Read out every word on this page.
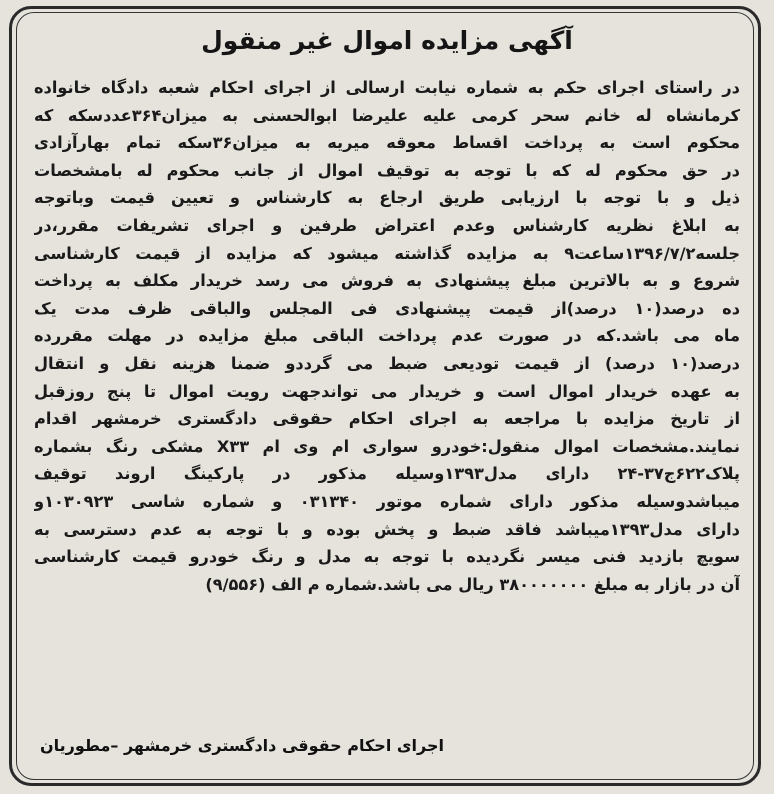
آگهی مزایده اموال غیر منقول
در راستای اجرای حکم به شماره نیابت ارسالی از اجرای احکام شعبه دادگاه خانواده
کرمانشاه له خانم سحر کرمی علیه علیرضا ابوالحسنی به میزان۳۶۴عددسکه که
محکوم است به پرداخت اقساط معوقه میریه به میزان۳۶سکه تمام بهارآزادی
در حق محکوم له که با توجه به توقیف اموال از جانب محکوم له بامشخصات
ذیل و با توجه با ارزیابی طریق ارجاع به کارشناس و تعیین قیمت وباتوجه
به ابلاغ نظریه کارشناس وعدم اعتراض طرفین و اجرای تشریفات مقرر،در
جلسه۱۳۹۶/۷/۲ساعت۹ به مزایده گذاشته میشود که مزایده از قیمت کارشناسی
شروع و به بالاترین مبلغ پیشنهادی به فروش می رسد خریدار مکلف به پرداخت
ده درصد(۱۰ درصد)از قیمت پیشنهادی فی المجلس والباقی ظرف مدت یک
ماه می باشد.که در صورت عدم پرداخت الباقی مبلغ مزایده در مهلت مقررده
درصد(۱۰ درصد) از قیمت تودیعی ضبط می گرددو ضمنا هزینه نقل و انتقال
به عهده خریدار اموال است و خریدار می تواندجهت رویت اموال تا پنج روزقبل
از تاریخ مزایده با مراجعه به اجرای احکام حقوقی دادگستری خرمشهر اقدام
نمایند.مشخصات اموال منقول:خودرو سواری ام وی ام X۳۳ مشکی رنگ بشماره
پلاک۶۲۲ج۳۷-۲۴ دارای مدل۱۳۹۳وسیله مذکور در پارکینگ اروند توقیف
میباشدوسیله مذکور دارای شماره موتور ۰۳۱۳۴۰ و شماره شاسی ۱۰۳۰۹۲۳و
دارای مدل۱۳۹۳میباشد فاقد ضبط و پخش بوده و با توجه به عدم دسترسی به
سویچ بازدید فنی میسر نگردیده با توجه به مدل و رنگ خودرو قیمت کارشناسی
آن در بازار به مبلغ ۳۸۰۰۰۰۰۰۰ ریال می باشد.شماره م الف (۹/۵۵۶)
اجرای احکام حقوقی دادگستری خرمشهر –مطوریان
